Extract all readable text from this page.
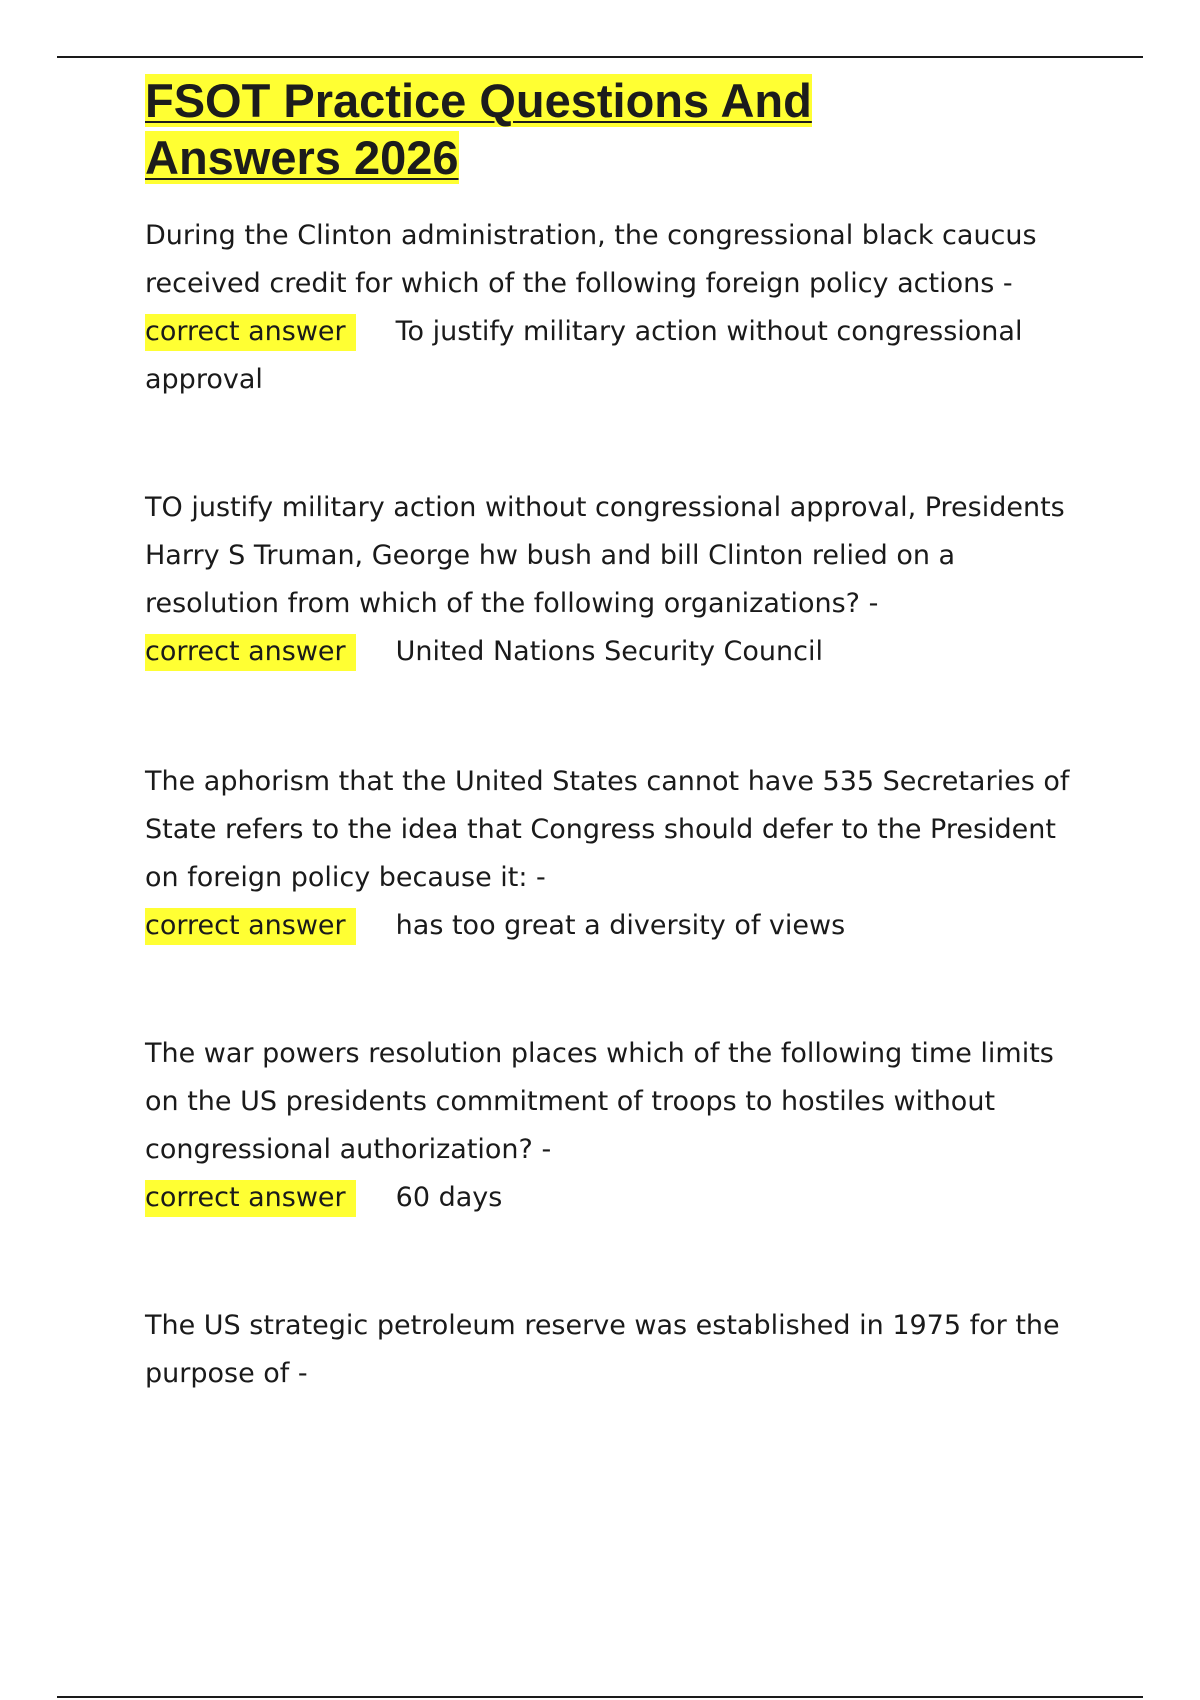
FSOT Practice Questions And
Answers 2026

During the Clinton administration, the congressional black caucus received credit for which of the following foreign policy actions -

correct answer To justify military action without congressional approval

TO justify military action without congressional approval, Presidents Harry S Truman, George hw bush and bill Clinton relied on a resolution from which of the following organizations? -

correct answer United Nations Security Council

The aphorism that the United States cannot have 535 Secretaries of State refers to the idea that Congress should defer to the President on foreign policy because it: -

correct answer has too great a diversity of views

The war powers resolution places which of the following time limits on the US presidents commitment of troops to hostiles without congressional authorization? -

correct answer 60 days

The US strategic petroleum reserve was established in 1975 for the purpose of -
